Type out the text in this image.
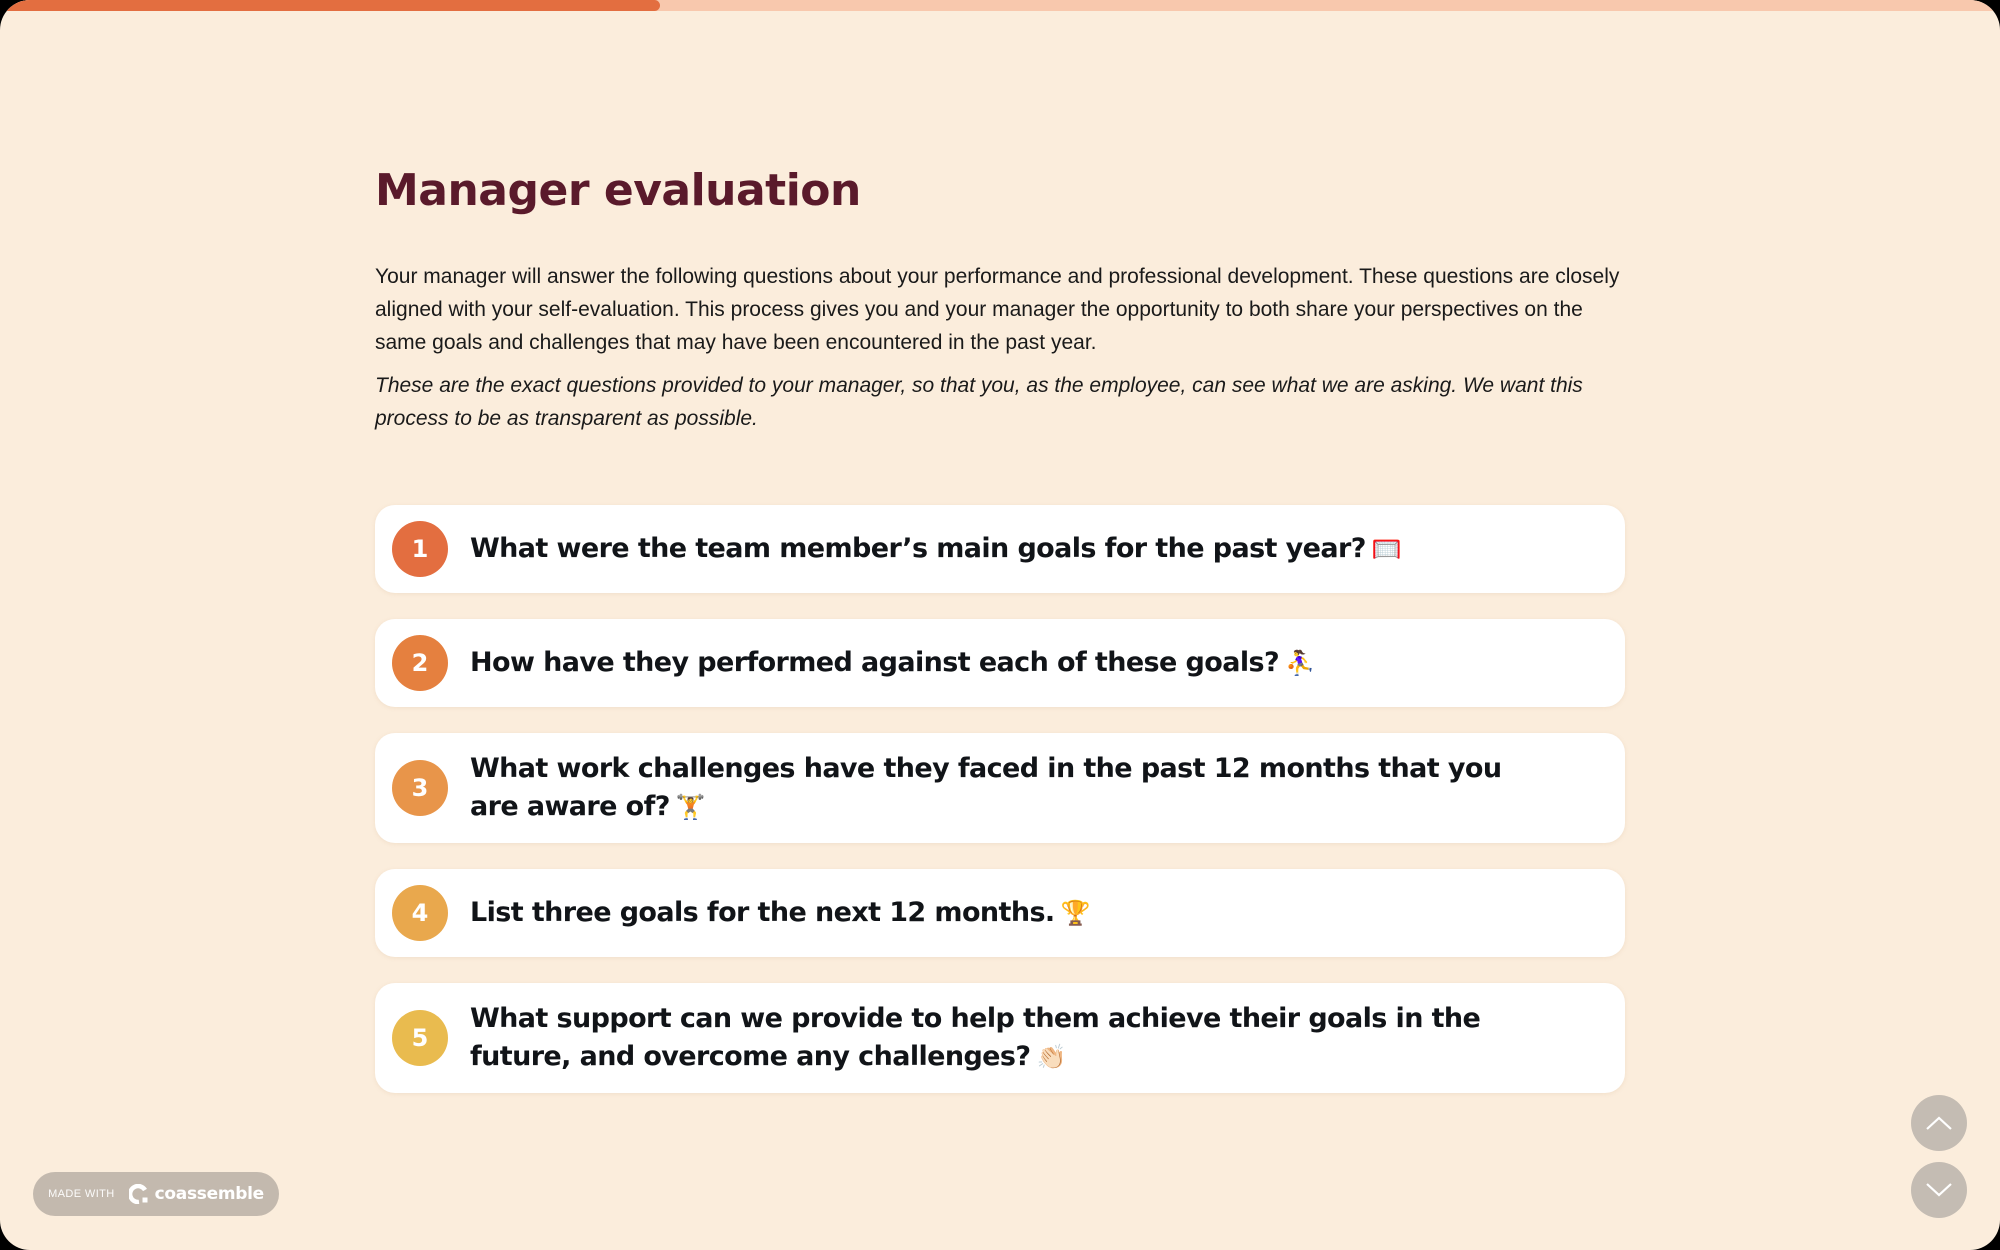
Manager evaluation

Your manager will answer the following questions about your performance and professional development. These questions are closely aligned with your self-evaluation. This process gives you and your manager the opportunity to both share your perspectives on the same goals and challenges that may have been encountered in the past year.

These are the exact questions provided to your manager, so that you, as the employee, can see what we are asking. We want this process to be as transparent as possible.

1	What were the team member’s main goals for the past year? 🥅
2	How have they performed against each of these goals? ⛹️‍♀️
3
What work challenges have they faced in the past 12 months that you are aware of? 🏋️
4	List three goals for the next 12 months. 🏆
5
What support can we provide to help them achieve their goals in the future, and overcome any challenges? 👏🏻
MADE WITH coassemble
